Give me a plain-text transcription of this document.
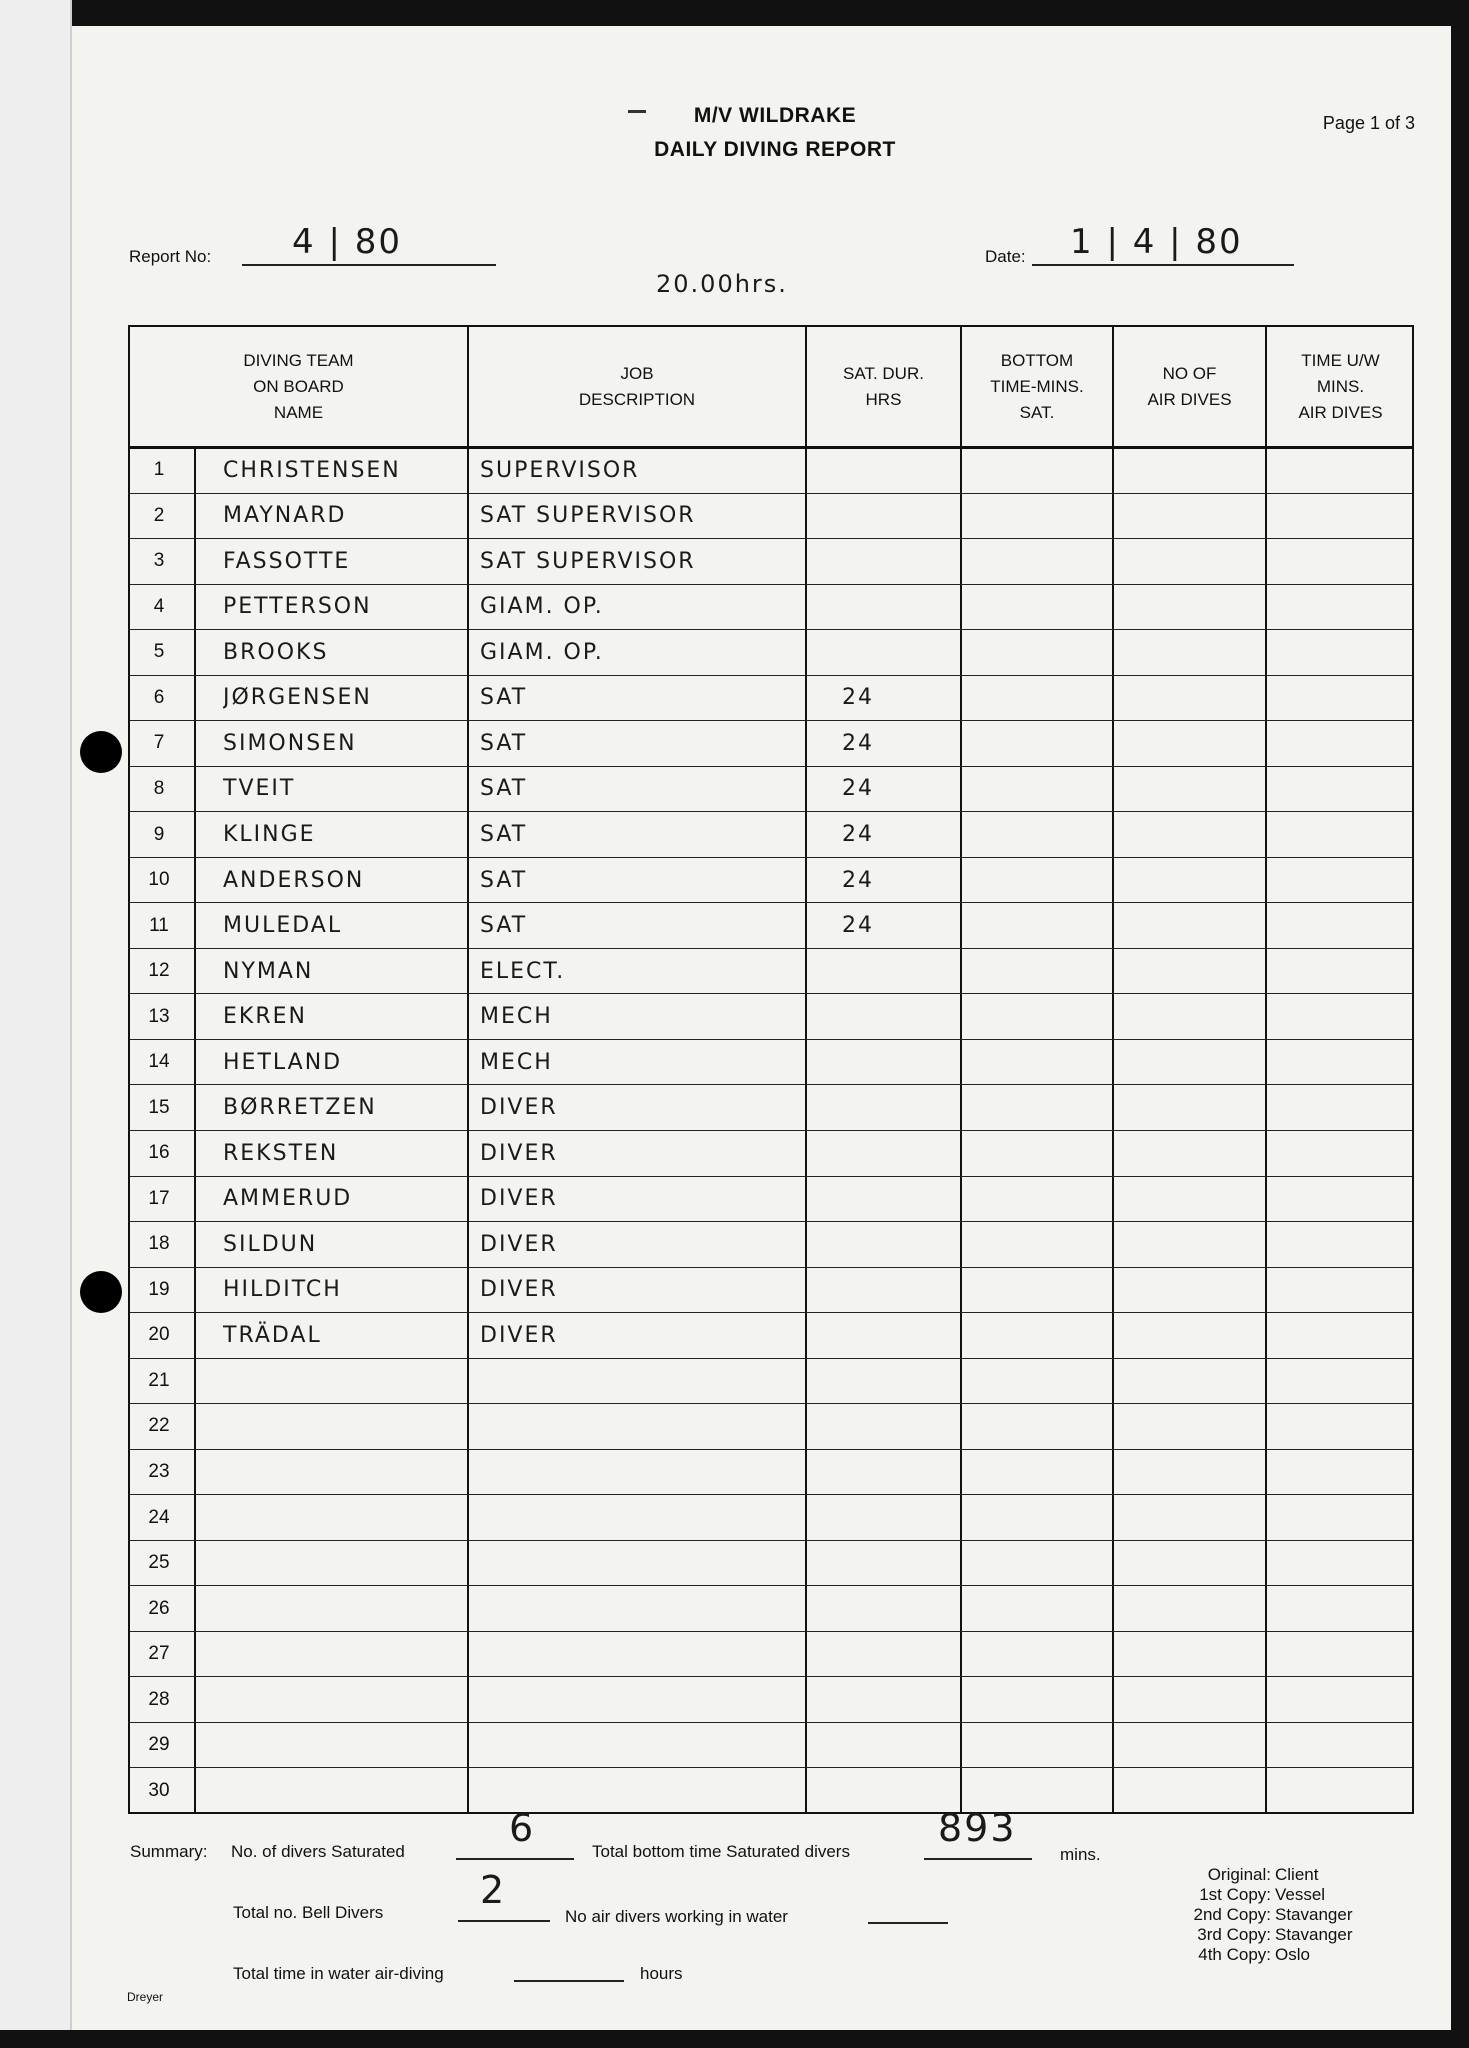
M/V WILDRAKE
DAILY DIVING REPORT
Page 1 of 3
Report No: 4 | 80	Date: 1 | 4 | 80
20.00hrs.
DIVING TEAM
ON BOARD
NAME
JOB
DESCRIPTION
SAT. DUR.
HRS
BOTTOM
TIME-MINS.
SAT.
NO OF
AIR DIVES
TIME U/W
MINS.
AIR DIVES
1	CHRISTENSEN	SUPERVISOR
2	MAYNARD	SAT SUPERVISOR
3	FASSOTTE	SAT SUPERVISOR
4	PETTERSON	GIAM. OP.
5	BROOKS	GIAM. OP.
6	JØRGENSEN	SAT	24
7	SIMONSEN	SAT	24
8	TVEIT	SAT	24
9	KLINGE	SAT	24
10	ANDERSON	SAT	24
11	MULEDAL	SAT	24
12	NYMAN	ELECT.
13	EKREN	MECH
14	HETLAND	MECH
15	BØRRETZEN	DIVER
16	REKSTEN	DIVER
17	AMMERUD	DIVER
18	SILDUN	DIVER
19	HILDITCH	DIVER
20	TRÄDAL	DIVER
21
22
23
24
25
26
27
28
29
30
Summary: No. of divers Saturated
6
Total bottom time Saturated divers
893
mins.
Total no. Bell Divers
2
No air divers working in water
Total time in water air-diving	hours
Original: Client
1st Copy: Vessel
2nd Copy: Stavanger
3rd Copy: Stavanger
4th Copy: Oslo
Dreyer
